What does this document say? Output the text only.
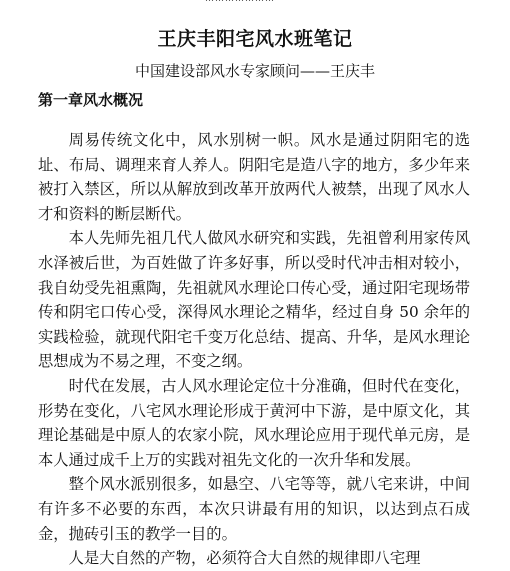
王庆丰阳宅风水班笔记
中国建设部风水专家顾问——王庆丰
第一章风水概况

周易传统文化中，风水别树一帜。风水是通过阴阳宅的选址、布局、调理来育人养人。阴阳宅是造八字的地方，多少年来被打入禁区，所以从解放到改革开放两代人被禁，出现了风水人才和资料的断层断代。

本人先师先祖几代人做风水研究和实践，先祖曾利用家传风水泽被后世，为百姓做了许多好事，所以受时代冲击相对较小，我自幼受先祖熏陶，先祖就风水理论口传心受，通过阳宅现场带传和阴宅口传心受，深得风水理论之精华，经过自身 50 余年的实践检验，就现代阳宅千变万化总结、提高、升华，是风水理论思想成为不易之理，不变之纲。

时代在发展，古人风水理论定位十分准确，但时代在变化，形势在变化，八宅风水理论形成于黄河中下游，是中原文化，其理论基础是中原人的农家小院，风水理论应用于现代单元房，是本人通过成千上万的实践对祖先文化的一次升华和发展。

整个风水派别很多，如悬空、八宅等等，就八宅来讲，中间有许多不必要的东西，本次只讲最有用的知识，以达到点石成金，抛砖引玉的教学一目的。

人是大自然的产物，必须符合大自然的规律即八宅理
